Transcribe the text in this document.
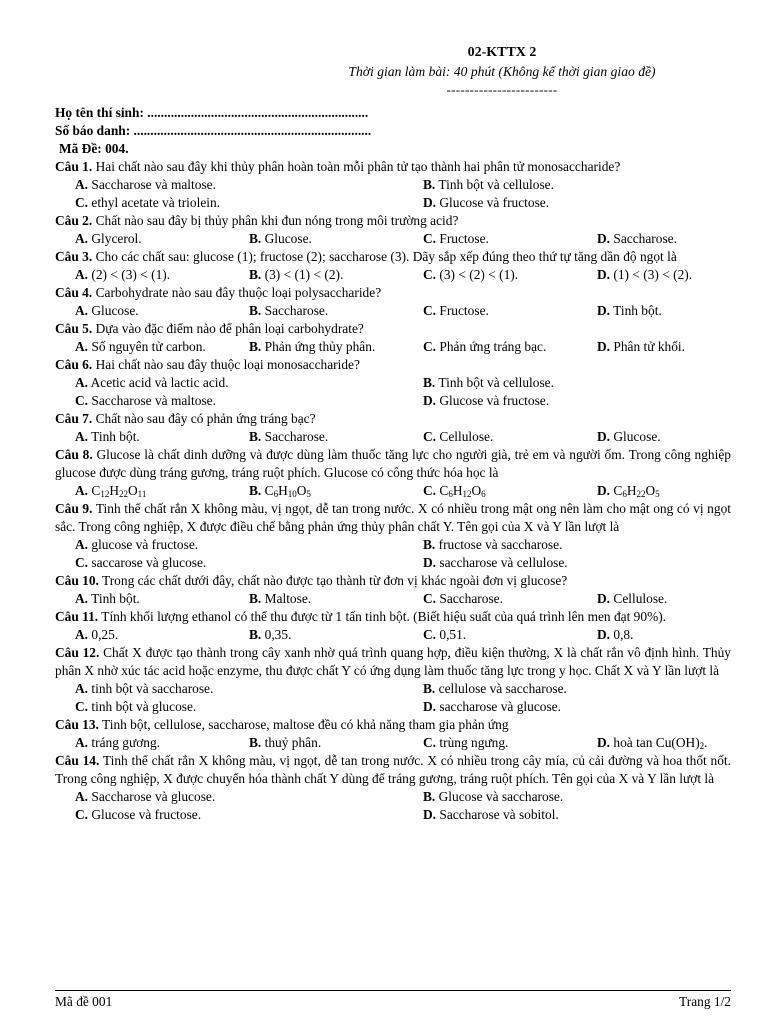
02-KTTX 2
Thời gian làm bài: 40 phút (Không kể thời gian giao đề)
------------------------
Họ tên thí sinh: ..................................................................
Số báo danh: .......................................................................
Mã Đề: 004.
Câu 1. Hai chất nào sau đây khi thủy phân hoàn toàn mỗi phân tử tạo thành hai phân tử monosaccharide?
A. Saccharose và maltose.	B. Tinh bột và cellulose.
C. ethyl acetate và triolein.	D. Glucose và fructose.
Câu 2. Chất nào sau đây bị thủy phân khi đun nóng trong môi trường acid?
A. Glycerol.	B. Glucose.	C. Fructose.	D. Saccharose.
Câu 3. Cho các chất sau: glucose (1); fructose (2); saccharose (3). Dãy sắp xếp đúng theo thứ tự tăng dần độ ngọt là
A. (2) < (3) < (1).	B. (3) < (1) < (2).	C. (3) < (2) < (1).	D. (1) < (3) < (2).
Câu 4. Carbohydrate nào sau đây thuộc loại polysaccharide?
A. Glucose.	B. Saccharose.	C. Fructose.	D. Tinh bột.
Câu 5. Dựa vào đặc điểm nào để phân loại carbohydrate?
A. Số nguyên tử carbon.	B. Phản ứng thủy phân.	C. Phản ứng tráng bạc.	D. Phân tử khối.
Câu 6. Hai chất nào sau đây thuộc loại monosaccharide?
A. Acetic acid và lactic acid.	B. Tinh bột và cellulose.
C. Saccharose và maltose.	D. Glucose và fructose.
Câu 7. Chất nào sau đây có phản ứng tráng bạc?
A. Tinh bột.	B. Saccharose.	C. Cellulose.	D. Glucose.
Câu 8. Glucose là chất dinh dưỡng và được dùng làm thuốc tăng lực cho người già, trẻ em và người ốm. Trong công nghiệp glucose được dùng tráng gương, tráng ruột phích. Glucose có công thức hóa học là
A. $C_{12}H_{22}O_{11}$	B. $C_6H_{10}O_5$	C. $C_6H_{12}O_6$	D. $C_6H_{22}O_5$
Câu 9. Tinh thể chất rắn X không màu, vị ngọt, dễ tan trong nước. X có nhiều trong mật ong nên làm cho mật ong có vị ngọt sắc. Trong công nghiệp, X được điều chế bằng phản ứng thủy phân chất Y. Tên gọi của X và Y lần lượt là
A. glucose và fructose.	B. fructose và saccharose.
C. saccarose và glucose.	D. saccharose và cellulose.
Câu 10. Trong các chất dưới đây, chất nào được tạo thành từ đơn vị khác ngoài đơn vị glucose?
A. Tinh bột.	B. Maltose.	C. Saccharose.	D. Cellulose.
Câu 11. Tính khối lượng ethanol có thể thu được từ 1 tấn tinh bột. (Biết hiệu suất của quá trình lên men đạt 90%).
A. 0,25.	B. 0,35.	C. 0,51.	D. 0,8.
Câu 12. Chất X được tạo thành trong cây xanh nhờ quá trình quang hợp, điều kiện thường, X là chất rắn vô định hình. Thủy phân X nhờ xúc tác acid hoặc enzyme, thu được chất Y có ứng dụng làm thuốc tăng lực trong y học. Chất X và Y lần lượt là
A. tinh bột và saccharose.	B. cellulose và saccharose.
C. tinh bột và glucose.	D. saccharose và glucose.
Câu 13. Tinh bột, cellulose, saccharose, maltose đều có khả năng tham gia phản ứng
A. tráng gương.	B. thuỷ phân.	C. trùng ngưng.	D. hoà $\tan Cu(OH)_2$.
Câu 14. Tinh thể chất rắn X không màu, vị ngọt, dễ tan trong nước. X có nhiều trong cây mía, củ cải đường và hoa thốt nốt. Trong công nghiệp, X được chuyển hóa thành chất Y dùng để tráng gương, tráng ruột phích. Tên gọi của X và Y lần lượt là
A. Saccharose và glucose.	B. Glucose và saccharose.
C. Glucose và fructose.	D. Saccharose và sobitol.
Mã đề 001	Trang 1/2
